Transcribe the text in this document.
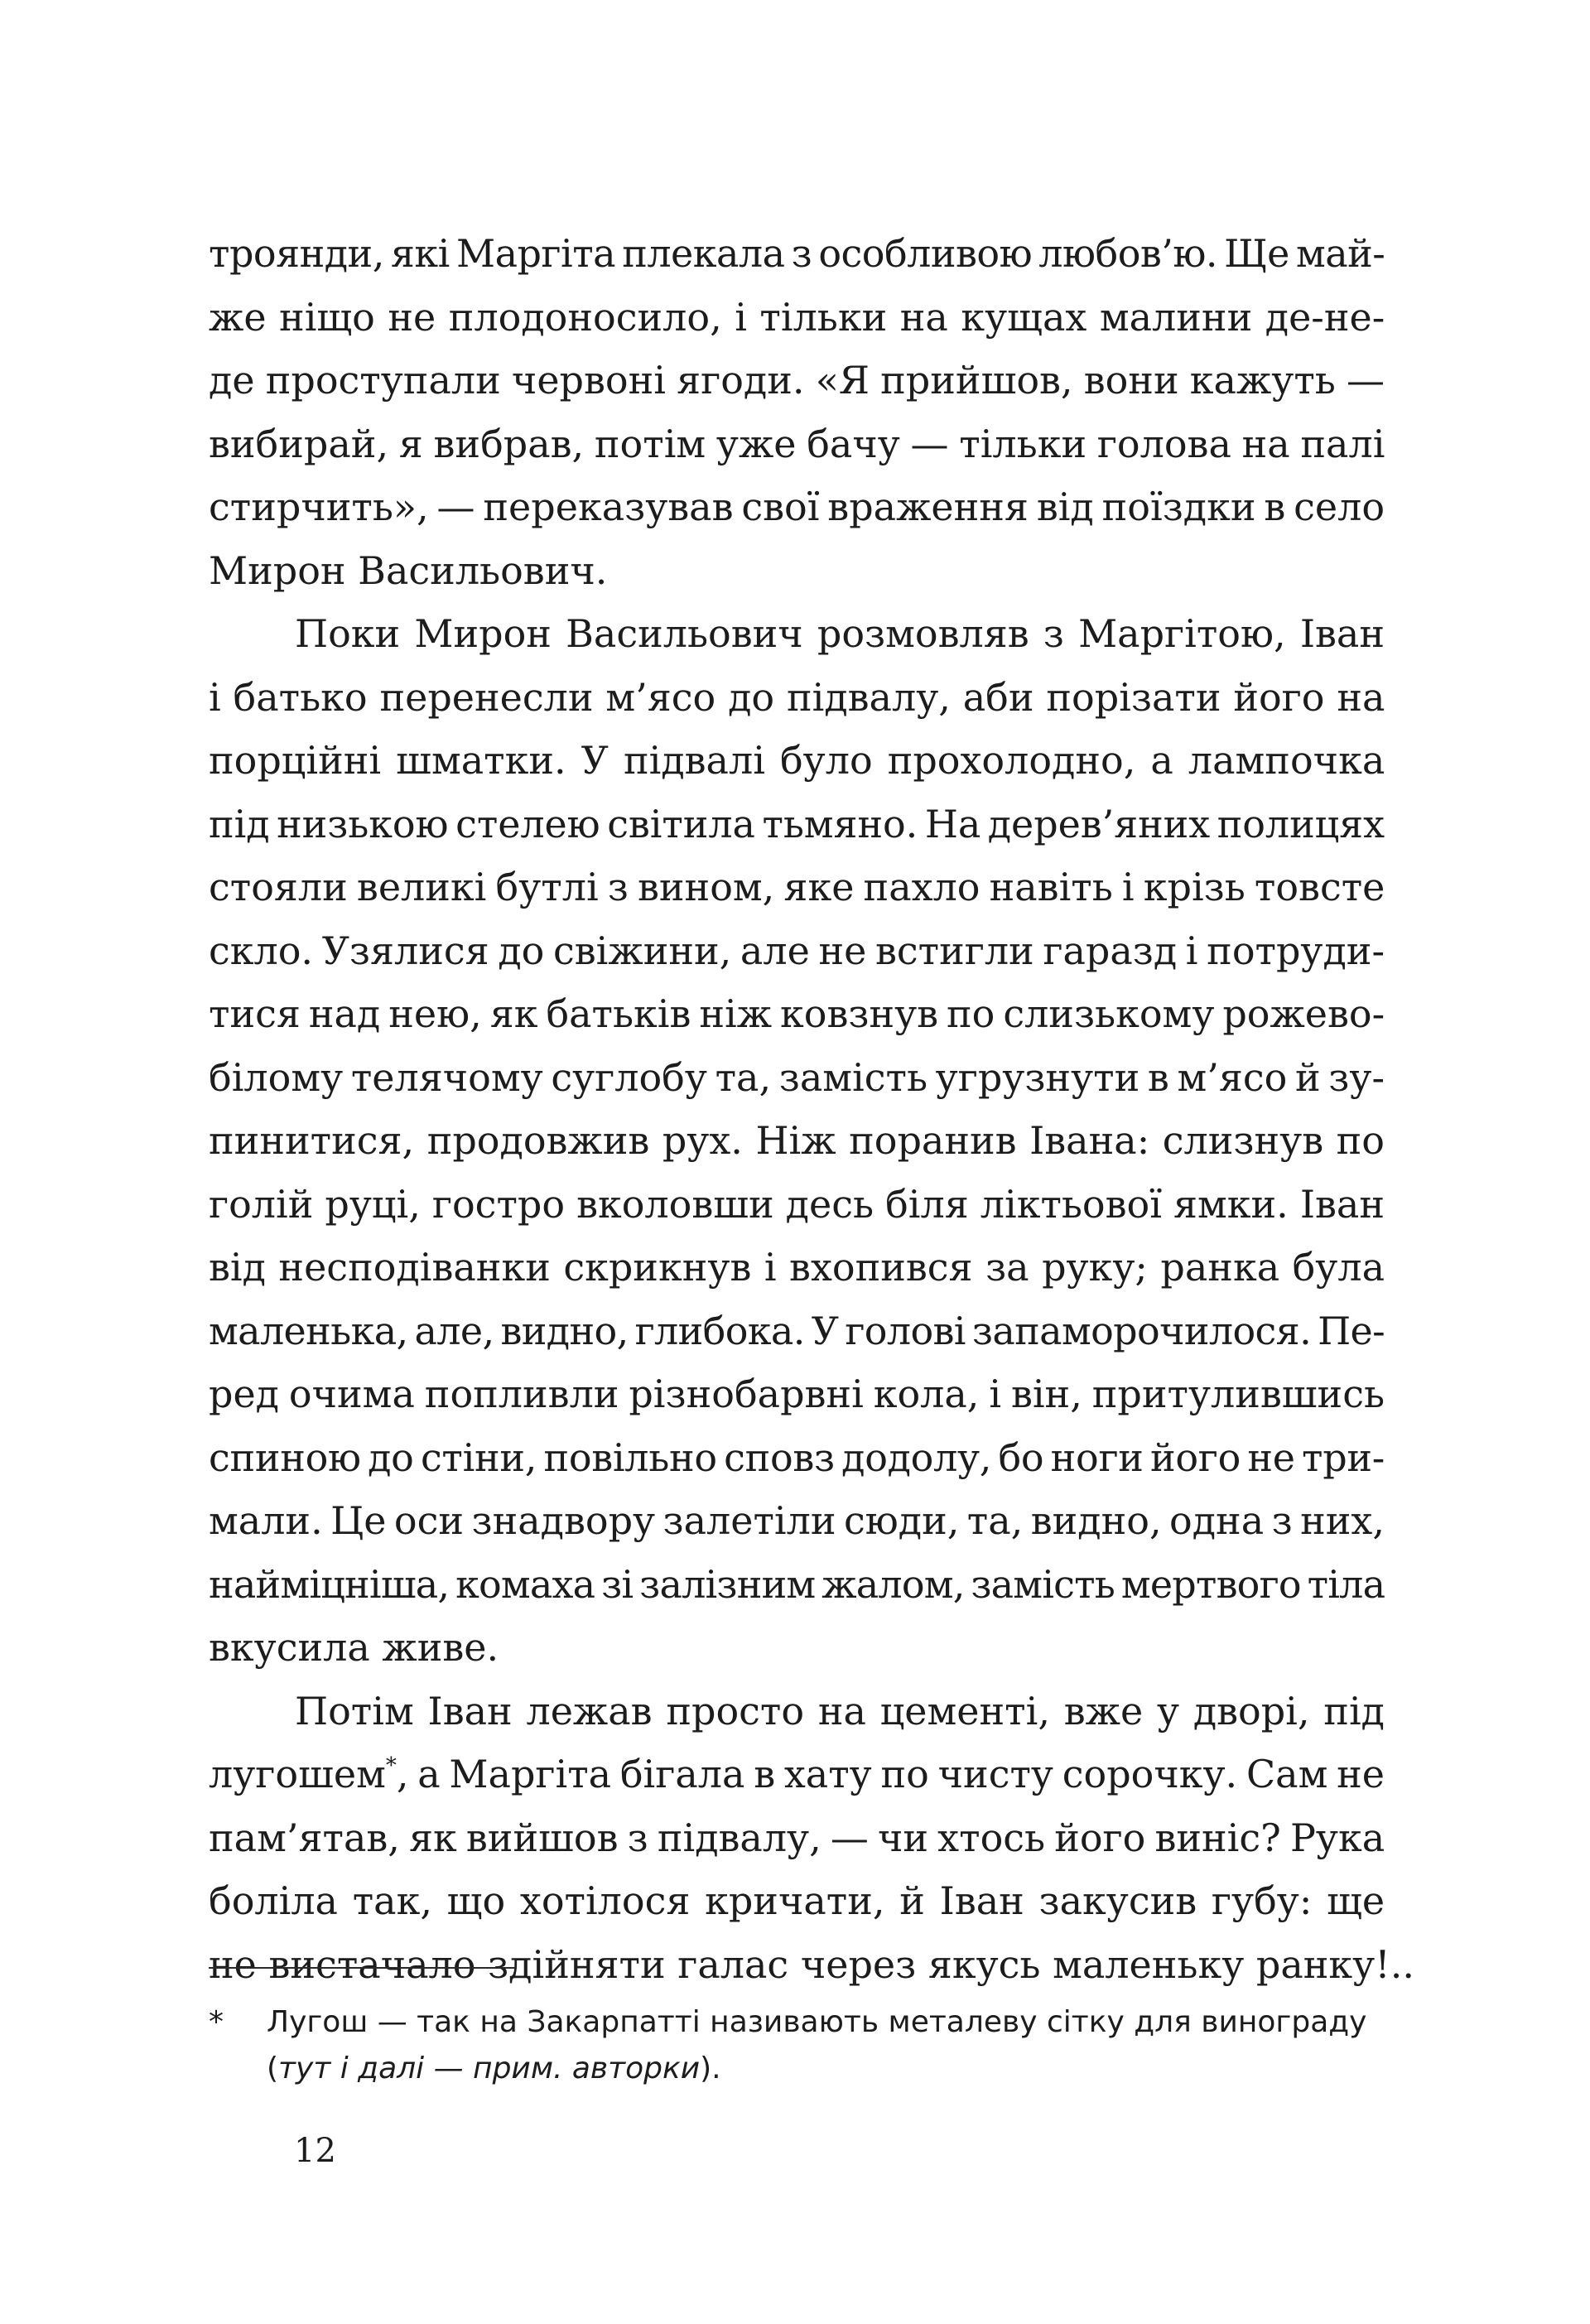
троянди, які Маргіта плекала з особливою любов’ю. Ще май-
же ніщо не плодоносило, і тільки на кущах малини де-не-
де проступали червоні ягоди. «Я прийшов, вони кажуть —
вибирай, я вибрав, потім уже бачу — тільки голова на палі
стирчить», — переказував свої враження від поїздки в село
Мирон Васильович.

Поки Мирон Васильович розмовляв з Маргітою, Іван
і батько перенесли м’ясо до підвалу, аби порізати його на
порційні шматки. У підвалі було прохолодно, а лампочка
під низькою стелею світила тьмяно. На дерев’яних полицях
стояли великі бутлі з вином, яке пахло навіть і крізь товсте
скло. Узялися до свіжини, але не встигли гаразд і потруди-
тися над нею, як батьків ніж ковзнув по слизькому рожево-
білому телячому суглобу та, замість угрузнути в м’ясо й зу-
пинитися, продовжив рух. Ніж поранив Івана: слизнув по
голій руці, гостро вколовши десь біля ліктьової ямки. Іван
від несподіванки скрикнув і вхопився за руку; ранка була
маленька, але, видно, глибока. У голові запаморочилося. Пе-
ред очима попливли різнобарвні кола, і він, притулившись
спиною до стіни, повільно сповз додолу, бо ноги його не три-
мали. Це оси знадвору залетіли сюди, та, видно, одна з них,
наймiцніша, комаха зі залізним жалом, замість мертвого тіла
вкусила живе.

Потім Іван лежав просто на цементі, вже у дворі, під
лугошем*, а Маргіта бігала в хату по чисту сорочку. Сам не
пам’ятав, як вийшов з підвалу, — чи хтось його виніс? Рука
боліла так, що хотілося кричати, й Іван закусив губу: ще
не вистачало здійняти галас через якусь маленьку ранку!..

* Лугош — так на Закарпатті називають металеву сітку для винограду
(тут і далі — прим. авторки).
12
